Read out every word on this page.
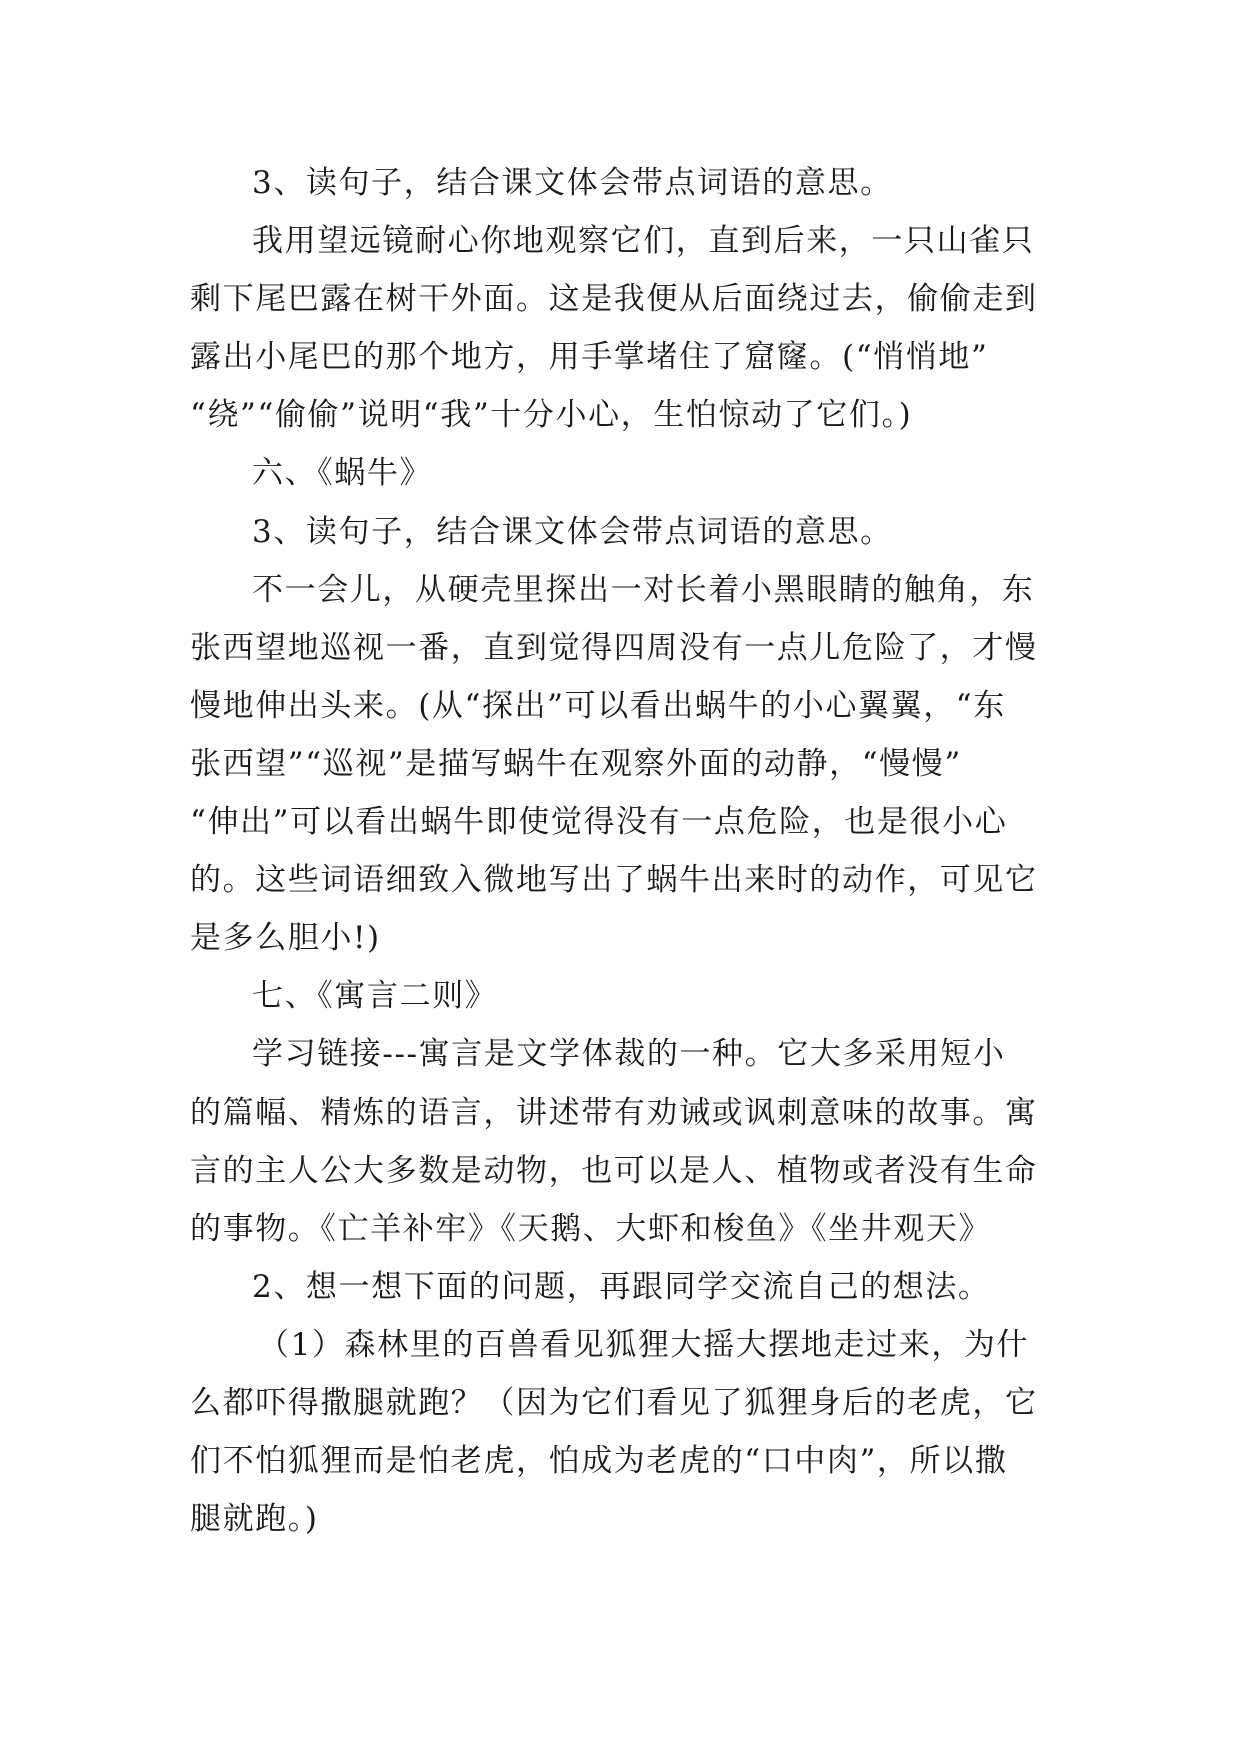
3、读句子，结合课文体会带点词语的意思。
我用望远镜耐心你地观察它们，直到后来，一只山雀只
剩下尾巴露在树干外面。这是我便从后面绕过去，偷偷走到
露出小尾巴的那个地方，用手掌堵住了窟窿。(“悄悄地”
“绕”“偷偷”说明“我”十分小心，生怕惊动了它们。)
六、《蜗牛》
3、读句子，结合课文体会带点词语的意思。
不一会儿，从硬壳里探出一对长着小黑眼睛的触角，东
张西望地巡视一番，直到觉得四周没有一点儿危险了，才慢
慢地伸出头来。(从“探出”可以看出蜗牛的小心翼翼，“东
张西望”“巡视”是描写蜗牛在观察外面的动静，“慢慢”
“伸出”可以看出蜗牛即使觉得没有一点危险，也是很小心
的。这些词语细致入微地写出了蜗牛出来时的动作，可见它
是多么胆小!)
七、《寓言二则》
学习链接---寓言是文学体裁的一种。它大多采用短小
的篇幅、精炼的语言，讲述带有劝诫或讽刺意味的故事。寓
言的主人公大多数是动物，也可以是人、植物或者没有生命
的事物。《亡羊补牢》《天鹅、大虾和梭鱼》《坐井观天》
2、想一想下面的问题，再跟同学交流自己的想法。
（1）森林里的百兽看见狐狸大摇大摆地走过来，为什
么都吓得撒腿就跑？（因为它们看见了狐狸身后的老虎，它
们不怕狐狸而是怕老虎，怕成为老虎的“口中肉”，所以撒
腿就跑。)
